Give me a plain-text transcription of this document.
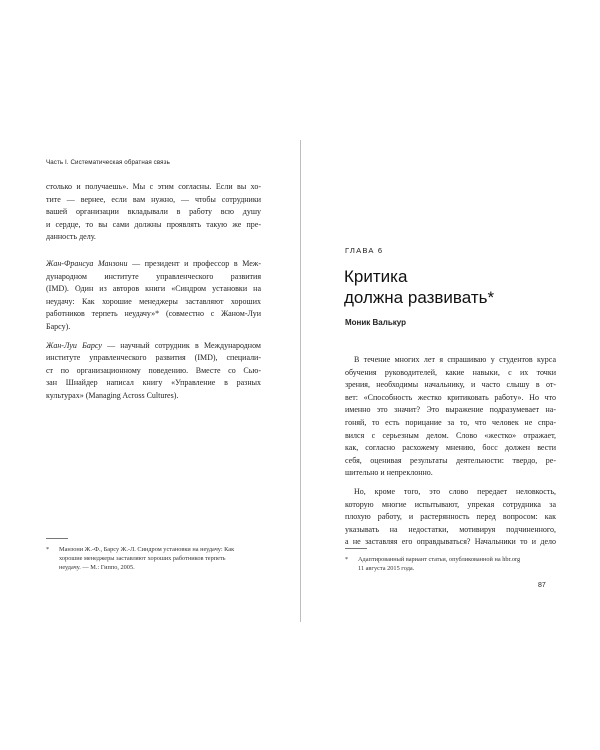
Часть I. Систематическая обратная связь
столько и получаешь». Мы с этим согласны. Если вы хо-
тите — вернее, если вам нужно, — чтобы сотрудники
вашей организации вкладывали в работу всю душу
и сердце, то вы сами должны проявлять такую же пре-
данность делу.
Жан-Франсуа Манзони — президент и профессор в Меж-
дународном институте управленческого развития
(IMD). Один из авторов книги «Синдром установки на
неудачу: Как хорошие менеджеры заставляют хороших
работников терпеть неудачу»* (совместно с Жаном-Луи
Барсу).
Жан-Луи Барсу — научный сотрудник в Международном
институте управленческого развития (IMD), специали-
ст по организационному поведению. Вместе со Сью-
зан Шнайдер написал книгу «Управление в разных
культурах» (Managing Across Cultures).
* Манзони Ж.-Ф., Барсу Ж.-Л. Синдром установки на неудачу: Как
хорошие менеджеры заставляют хороших работников терпеть
неудачу. — М.: Гиппо, 2005.
ГЛАВА 6
Критика
должна развивать*
Моник Валькур
В течение многих лет я спрашиваю у студентов курса
обучения руководителей, какие навыки, с их точки
зрения, необходимы начальнику, и часто слышу в от-
вет: «Способность жестко критиковать работу». Но что
именно это значит? Это выражение подразумевает на-
гоняй, то есть порицание за то, что человек не спра-
вился с серьезным делом. Слово «жестко» отражает,
как, согласно расхожему мнению, босс должен вести
себя, оценивая результаты деятельности: твердо, ре-
шительно и непреклонно.
Но, кроме того, это слово передает неловкость,
которую многие испытывают, упрекая сотрудника за
плохую работу, и растерянность перед вопросом: как
указывать на недостатки, мотивируя подчиненного,
а не заставляя его оправдываться? Начальники то и дело
* Адаптированный вариант статьи, опубликованной на hbr.org
11 августа 2015 года.
87
